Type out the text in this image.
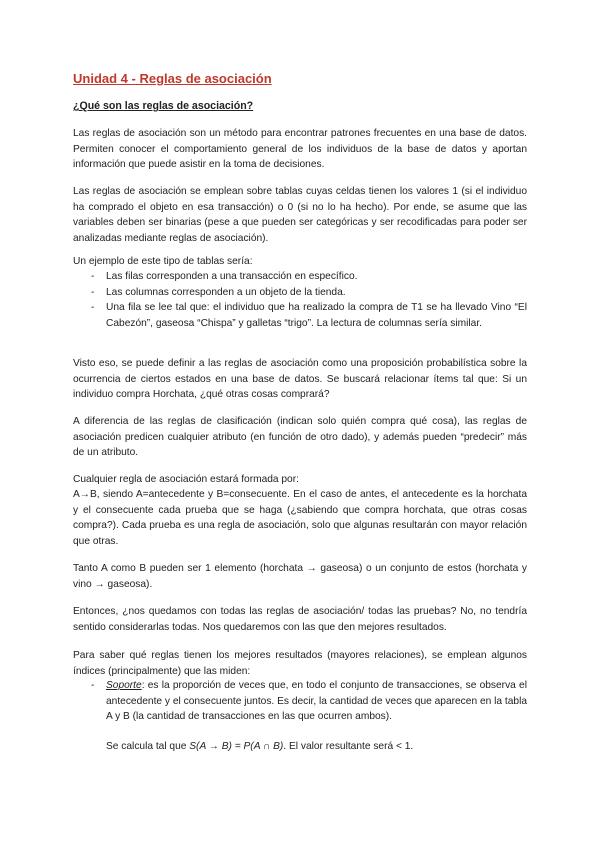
Unidad 4 - Reglas de asociación
¿Qué son las reglas de asociación?

Las reglas de asociación son un método para encontrar patrones frecuentes en una base de datos. Permiten conocer el comportamiento general de los individuos de la base de datos y aportan información que puede asistir en la toma de decisiones.

Las reglas de asociación se emplean sobre tablas cuyas celdas tienen los valores 1 (si el individuo ha comprado el objeto en esa transacción) o 0 (si no lo ha hecho). Por ende, se asume que las variables deben ser binarias (pese a que pueden ser categóricas y ser recodificadas para poder ser analizadas mediante reglas de asociación).

Un ejemplo de este tipo de tablas sería:

- Las filas corresponden a una transacción en específico.
- Las columnas corresponden a un objeto de la tienda.
- Una fila se lee tal que: el individuo que ha realizado la compra de T1 se ha llevado Vino “El Cabezón”, gaseosa “Chispa” y galletas “trigo”. La lectura de columnas sería similar.

Visto eso, se puede definir a las reglas de asociación como una proposición probabilística sobre la ocurrencia de ciertos estados en una base de datos. Se buscará relacionar ítems tal que: Si un individuo compra Horchata, ¿qué otras cosas comprará?

A diferencia de las reglas de clasificación (indican solo quién compra qué cosa), las reglas de asociación predicen cualquier atributo (en función de otro dado), y además pueden “predecir” más de un atributo.

Cualquier regla de asociación estará formada por:

A→B, siendo A=antecedente y B=consecuente. En el caso de antes, el antecedente es la horchata y el consecuente cada prueba que se haga (¿sabiendo que compra horchata, que otras cosas compra?). Cada prueba es una regla de asociación, solo que algunas resultarán con mayor relación que otras.

Tanto A como B pueden ser 1 elemento (horchata → gaseosa) o un conjunto de estos (horchata y vino → gaseosa).

Entonces, ¿nos quedamos con todas las reglas de asociación/ todas las pruebas? No, no tendría sentido considerarlas todas. Nos quedaremos con las que den mejores resultados.

Para saber qué reglas tienen los mejores resultados (mayores relaciones), se emplean algunos índices (principalmente) que las miden:

- Soporte: es la proporción de veces que, en todo el conjunto de transacciones, se observa el antecedente y el consecuente juntos. Es decir, la cantidad de veces que aparecen en la tabla A y B (la cantidad de transacciones en las que ocurren ambos).

Se calcula tal que S(A → B) = P(A ∩ B). El valor resultante será < 1.
